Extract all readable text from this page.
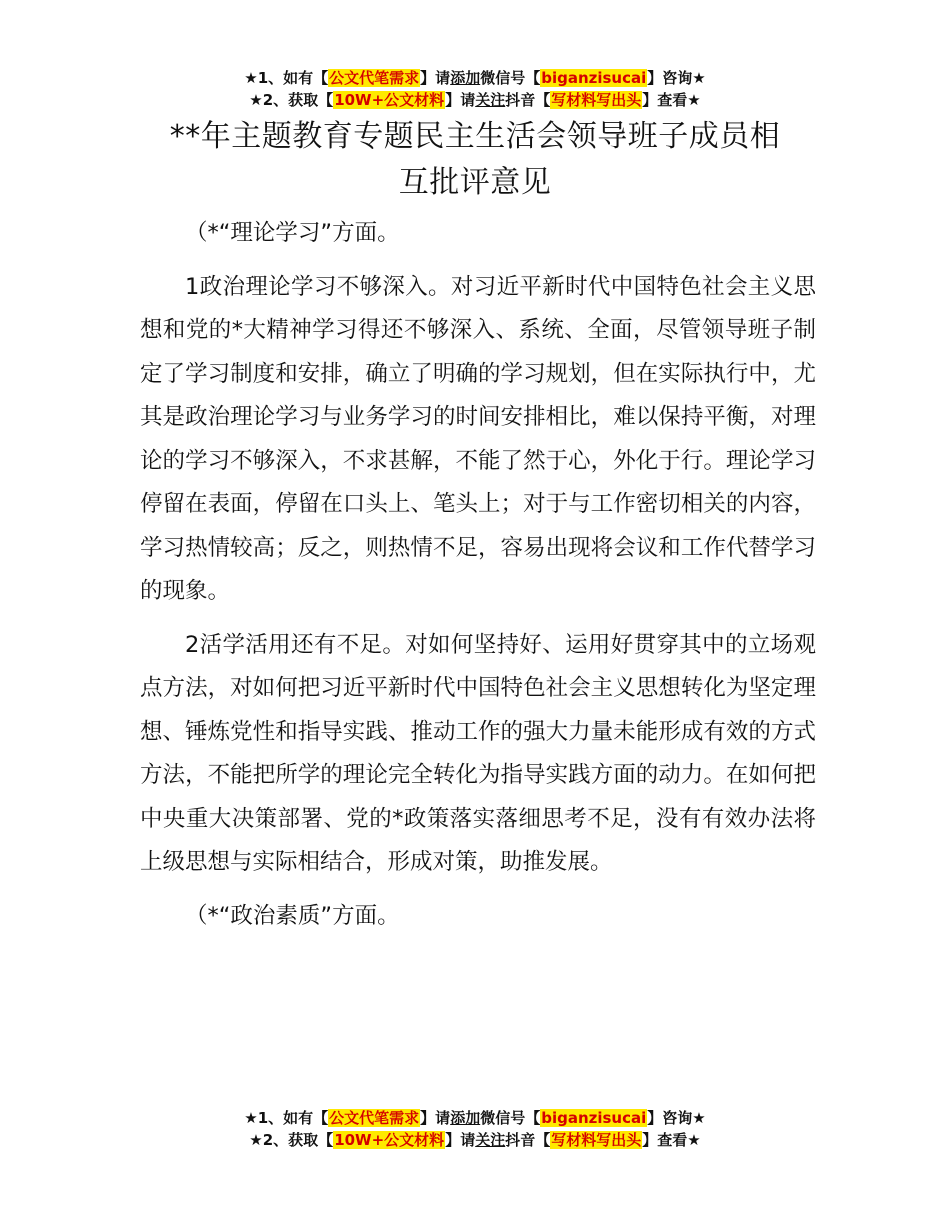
★1、如有【公文代笔需求】请添加微信号【biganzisucai】咨询★
★2、获取【10W+公文材料】请关注抖音【写材料写出头】查看★
**年主题教育专题民主生活会领导班子成员相
互批评意见

（*“理论学习”方面。

1政治理论学习不够深入。对习近平新时代中国特色社会主义思想和党的*大精神学习得还不够深入、系统、全面，尽管领导班子制定了学习制度和安排，确立了明确的学习规划，但在实际执行中，尤其是政治理论学习与业务学习的时间安排相比，难以保持平衡，对理论的学习不够深入，不求甚解，不能了然于心，外化于行。理论学习停留在表面，停留在口头上、笔头上；对于与工作密切相关的内容，学习热情较高；反之，则热情不足，容易出现将会议和工作代替学习的现象。

2活学活用还有不足。对如何坚持好、运用好贯穿其中的立场观点方法，对如何把习近平新时代中国特色社会主义思想转化为坚定理想、锤炼党性和指导实践、推动工作的强大力量未能形成有效的方式方法，不能把所学的理论完全转化为指导实践方面的动力。在如何把中央重大决策部署、党的*政策落实落细思考不足，没有有效办法将上级思想与实际相结合，形成对策，助推发展。

（*“政治素质”方面。

★1、如有【公文代笔需求】请添加微信号【biganzisucai】咨询★
★2、获取【10W+公文材料】请关注抖音【写材料写出头】查看★
